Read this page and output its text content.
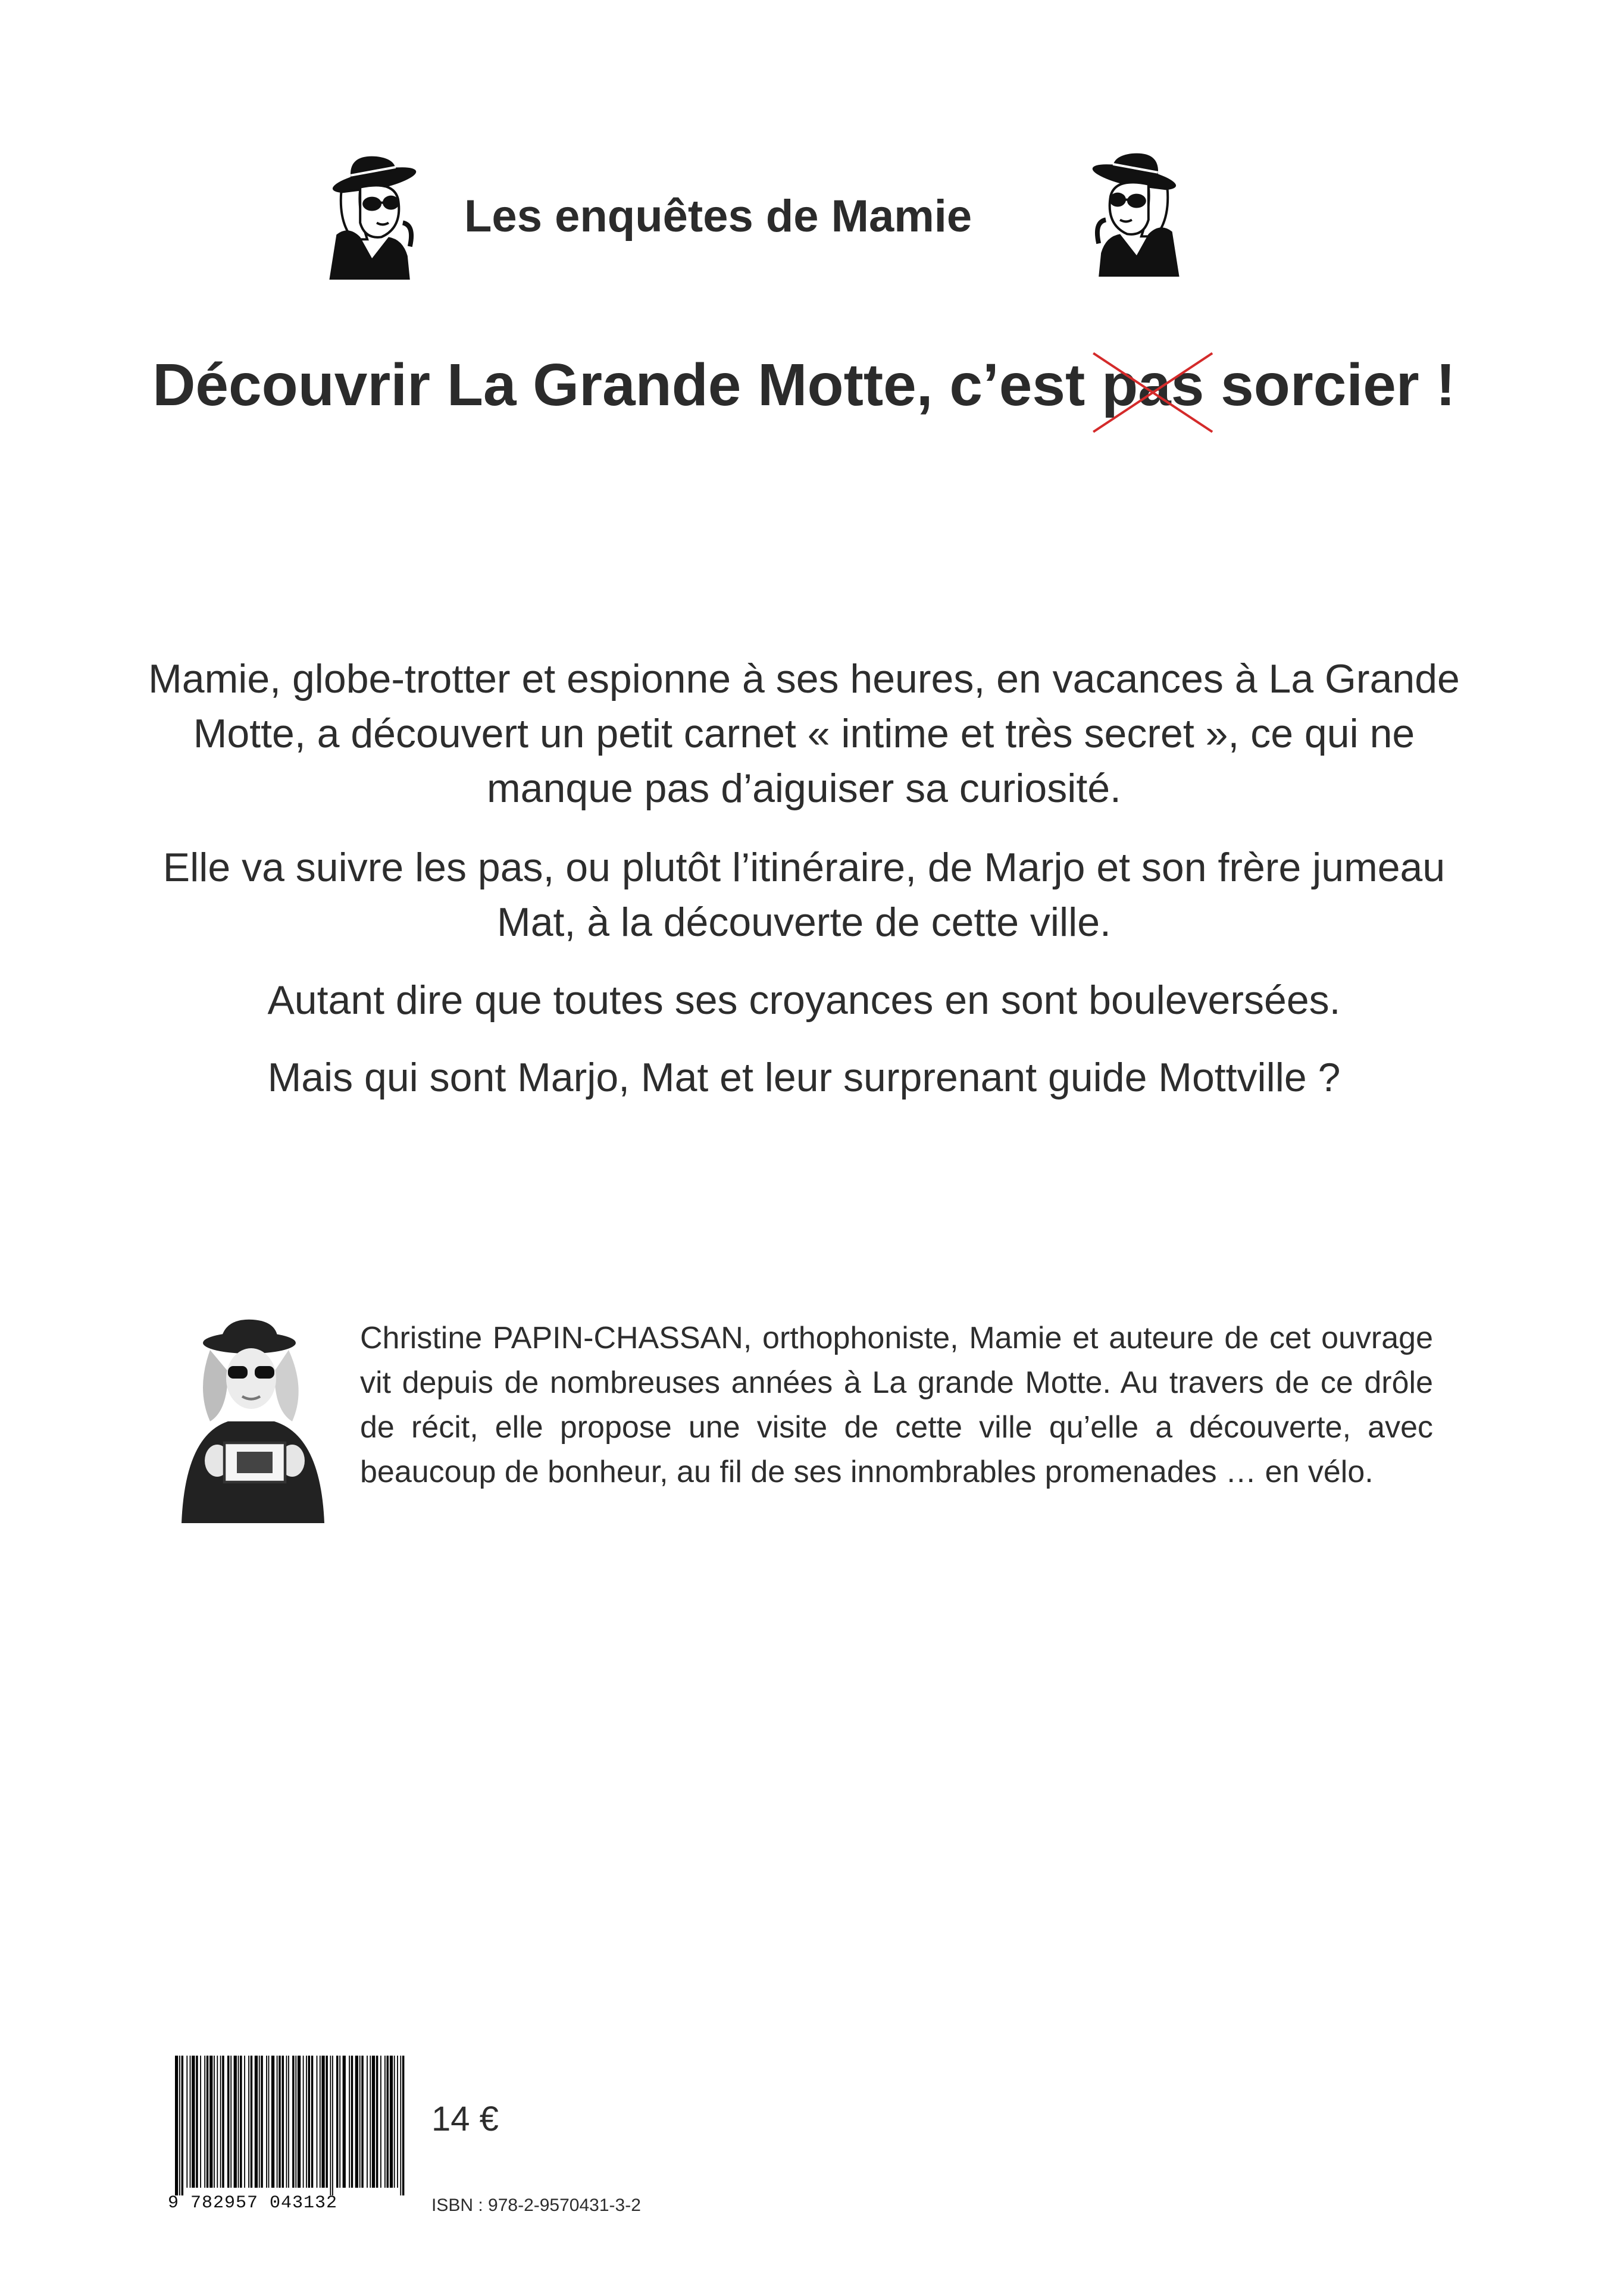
Les enquêtes de Mamie
Découvrir La Grande Motte, c’est pas
sorcier !
Mamie, globe-trotter et espionne à ses heures, en vacances à La Grande Motte, a découvert un petit carnet « intime et très secret », ce qui ne manque pas d’aiguiser sa curiosité.
Elle va suivre les pas, ou plutôt l’itinéraire, de Marjo et son frère jumeau Mat, à la découverte de cette ville.
Autant dire que toutes ses croyances en sont bouleversées.
Mais qui sont Marjo, Mat et leur surprenant guide Mottville ?
Christine PAPIN-CHASSAN, orthophoniste, Mamie et auteure de cet ouvrage vit depuis de nombreuses années à La grande Motte. Au travers de ce drôle de récit, elle propose une visite de cette ville qu’elle a découverte, avec beaucoup de bonheur, au fil de ses innombrables promenades … en vélo.
9 782957 043132
14 €
ISBN : 978-2-9570431-3-2
